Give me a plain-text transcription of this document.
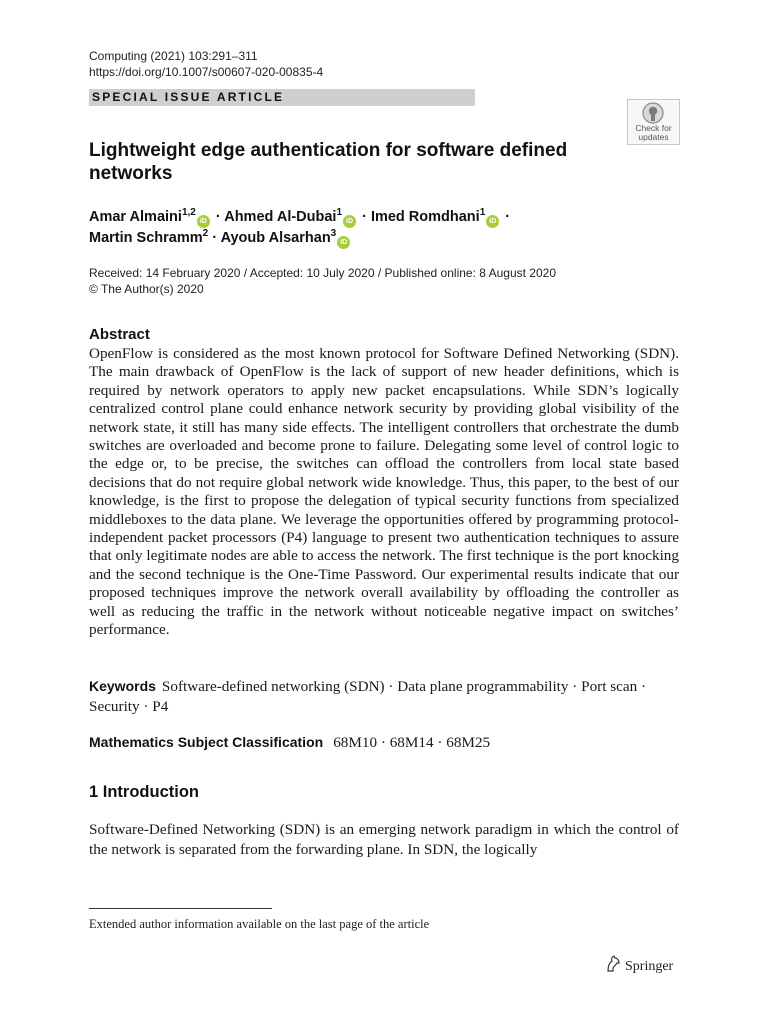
Computing (2021) 103:291–311
https://doi.org/10.1007/s00607-020-00835-4
SPECIAL ISSUE ARTICLE
Check for
updates
Lightweight edge authentication for software defined networks
Amar Almaini$^{1,2}$iD · Ahmed Al-Dubai$^1$iD · Imed Romdhani$^1$iD ·
Martin Schramm$^2$ · Ayoub Alsarhan$^3$iD
Received: 14 February 2020 / Accepted: 10 July 2020 / Published online: 8 August 2020
© The Author(s) 2020
Abstract
OpenFlow is considered as the most known protocol for Software Defined Networking (SDN). The main drawback of OpenFlow is the lack of support of new header definitions, which is required by network operators to apply new packet encapsulations. While SDN’s logically centralized control plane could enhance network security by providing global visibility of the network state, it still has many side effects. The intelligent controllers that orchestrate the dumb switches are overloaded and become prone to failure. Delegating some level of control logic to the edge or, to be precise, the switches can offload the controllers from local state based decisions that do not require global network wide knowledge. Thus, this paper, to the best of our knowledge, is the first to propose the delegation of typical security functions from specialized middleboxes to the data plane. We leverage the opportunities offered by programming protocol-independent packet processors (P4) language to present two authentication techniques to assure that only legitimate nodes are able to access the network. The first technique is the port knocking and the second technique is the One-Time Password. Our experimental results indicate that our proposed techniques improve the network overall availability by offloading the controller as well as reducing the traffic in the network without noticeable negative impact on switches’ performance.
Keywords Software-defined networking (SDN) · Data plane programmability · Port scan · Security · P4
Mathematics Subject Classification 68M10 · 68M14 · 68M25
1 Introduction
Software-Defined Networking (SDN) is an emerging network paradigm in which the control of the network is separated from the forwarding plane. In SDN, the logically
Extended author information available on the last page of the article
Springer
